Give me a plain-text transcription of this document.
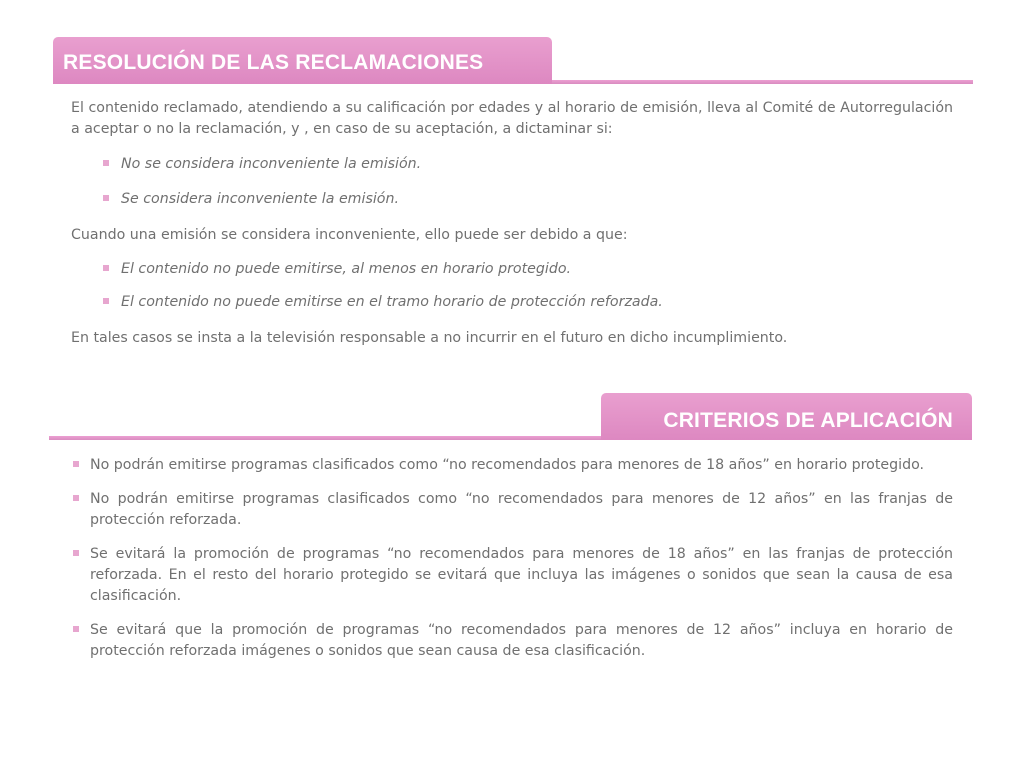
RESOLUCIÓN DE LAS RECLAMACIONES

El contenido reclamado, atendiendo a su calificación por edades y al horario de emisión, lleva al Comité de Autorregulación a aceptar o no la reclamación, y , en caso de su aceptación, a dictaminar si:

No se considera inconveniente la emisión.
Se considera inconveniente la emisión.

Cuando una emisión se considera inconveniente, ello puede ser debido a que:

El contenido no puede emitirse, al menos en horario protegido.
El contenido no puede emitirse en el tramo horario de protección reforzada.

En tales casos se insta a la televisión responsable a no incurrir en el futuro en dicho incumplimiento.

CRITERIOS DE APLICACIÓN
No podrán emitirse programas clasificados como “no recomendados para menores de 18 años” en horario protegido.
No podrán emitirse programas clasificados como “no recomendados para menores de 12 años” en las franjas de protección reforzada.
Se evitará la promoción de programas “no recomendados para menores de 18 años” en las franjas de protección reforzada. En el resto del horario protegido se evitará que incluya las imágenes o sonidos que sean la causa de esa clasificación.
Se evitará que la promoción de programas “no recomendados para menores de 12 años” incluya en horario de protección reforzada imágenes o sonidos que sean causa de esa clasificación.
